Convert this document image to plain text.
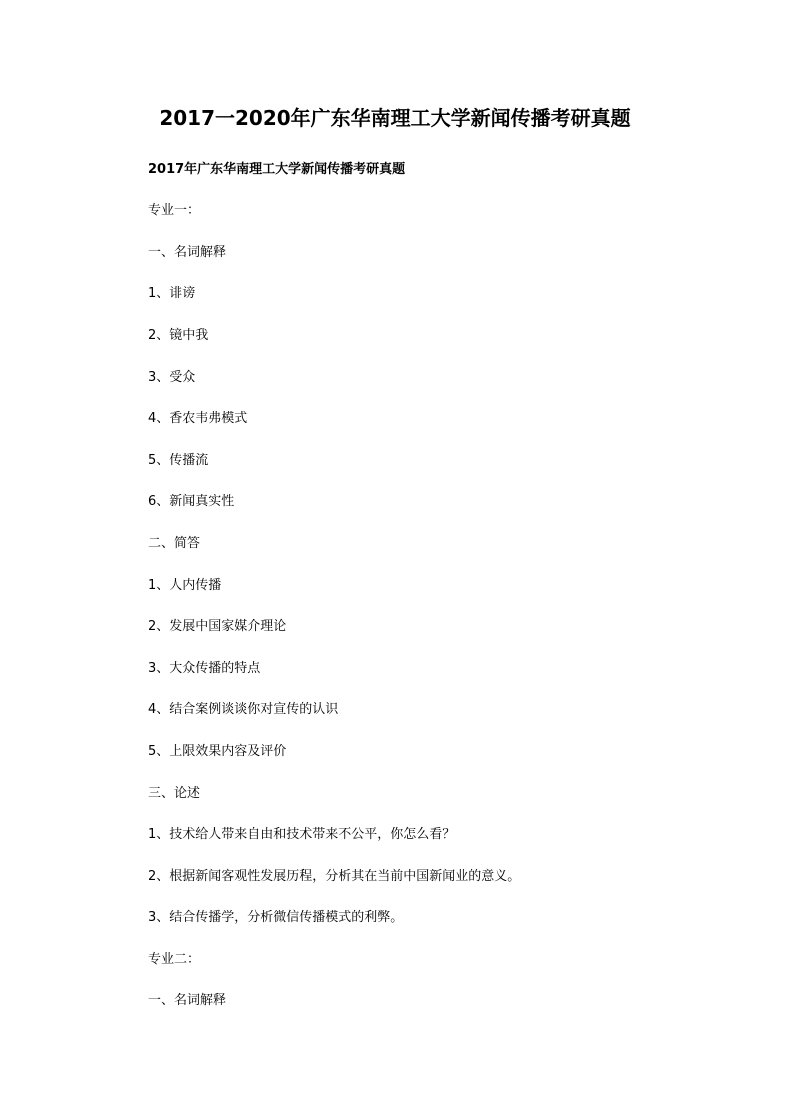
2017一2020年广东华南理工大学新闻传播考研真题
2017年广东华南理工大学新闻传播考研真题
专业一：
一、名词解释
1、诽谤
2、镜中我
3、受众
4、香农韦弗模式
5、传播流
6、新闻真实性
二、简答
1、人内传播
2、发展中国家媒介理论
3、大众传播的特点
4、结合案例谈谈你对宣传的认识
5、上限效果内容及评价
三、论述
1、技术给人带来自由和技术带来不公平，你怎么看？
2、根据新闻客观性发展历程，分析其在当前中国新闻业的意义。
3、结合传播学，分析微信传播模式的利弊。
专业二：
一、名词解释
